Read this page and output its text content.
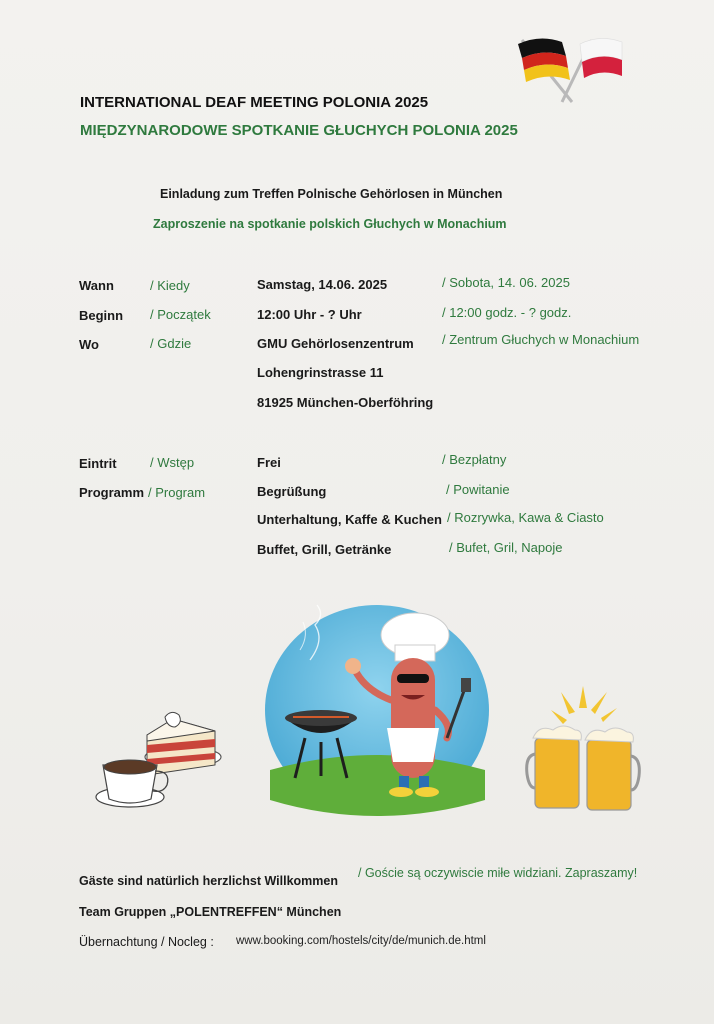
INTERNATIONAL DEAF MEETING POLONIA 2025
MIĘDZYNARODOWE SPOTKANIE GŁUCHYCH POLONIA 2025
Einladung zum Treffen Polnische Gehörlosen in München
Zaproszenie na spotkanie polskich Głuchych w Monachium
Wann	/ Kiedy	Samstag, 14.06. 2025	/ Sobota, 14. 06. 2025
Beginn / Początek	12:00 Uhr - ? Uhr	/ 12:00 godz. - ? godz.
Wo	/ Gdzie	GMU Gehörlosenzentrum / Zentrum Głuchych w Monachium
Lohengrinstrasse 11
81925 München-Oberföhring
Eintrit	/ Wstęp	Frei	/ Bezpłatny
Programm / Program	Begrüßung	/ Powitanie
Unterhaltung, Kaffe & Kuchen / Rozrywka, Kawa & Ciasto
Buffet, Grill, Getränke	/ Bufet, Gril, Napoje
Gäste sind natürlich herzlichst Willkommen
/ Goście są oczywiscie miłe widziani. Zapraszamy!
Team Gruppen „POLENTREFFEN“ München
Übernachtung / Nocleg : www.booking.com/hostels/city/de/munich.de.html
